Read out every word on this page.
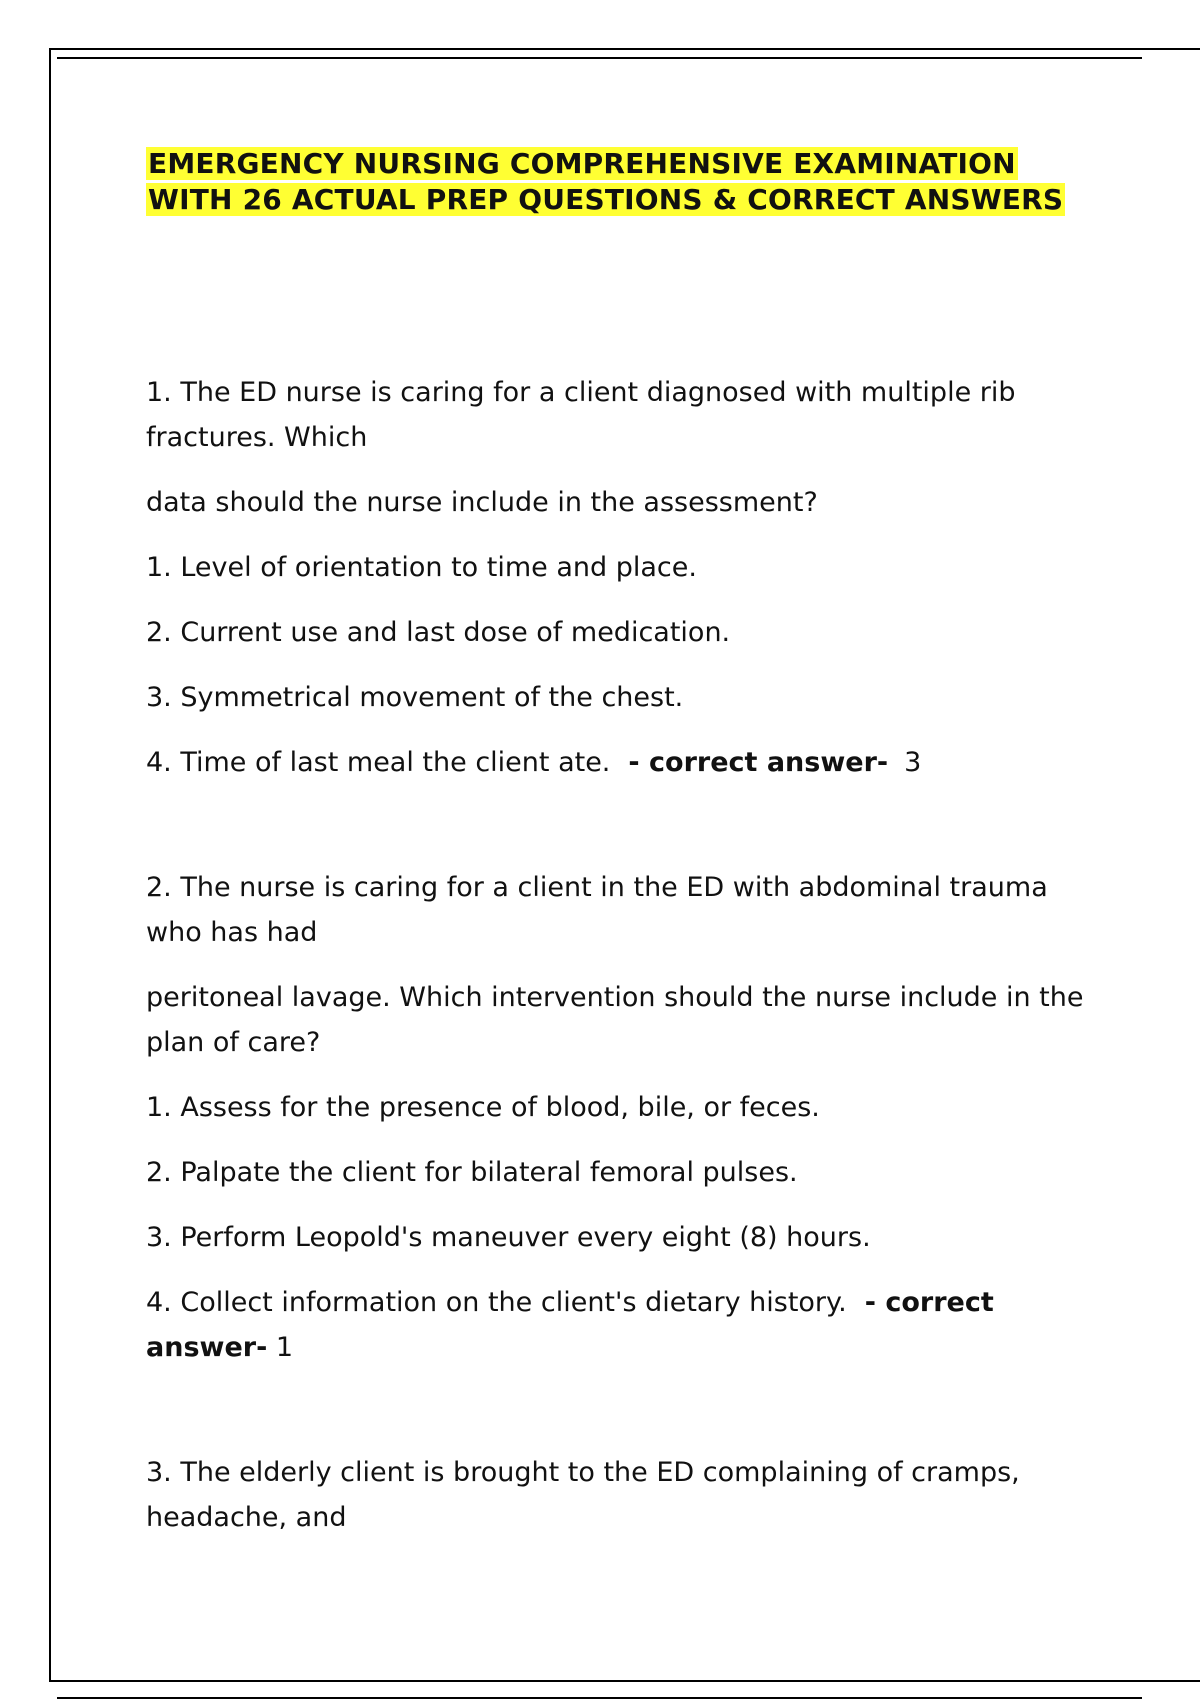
EMERGENCY NURSING COMPREHENSIVE EXAMINATION
WITH 26 ACTUAL PREP QUESTIONS & CORRECT ANSWERS

1. The ED nurse is caring for a client diagnosed with multiple rib fractures. Which

data should the nurse include in the assessment?

1. Level of orientation to time and place.

2. Current use and last dose of medication.

3. Symmetrical movement of the chest.

4. Time of last meal the client ate. - correct answer- 3

2. The nurse is caring for a client in the ED with abdominal trauma who has had

peritoneal lavage. Which intervention should the nurse include in the plan of care?

1. Assess for the presence of blood, bile, or feces.

2. Palpate the client for bilateral femoral pulses.

3. Perform Leopold's maneuver every eight (8) hours.

4. Collect information on the client's dietary history. - correct answer- 1

3. The elderly client is brought to the ED complaining of cramps, headache, and
